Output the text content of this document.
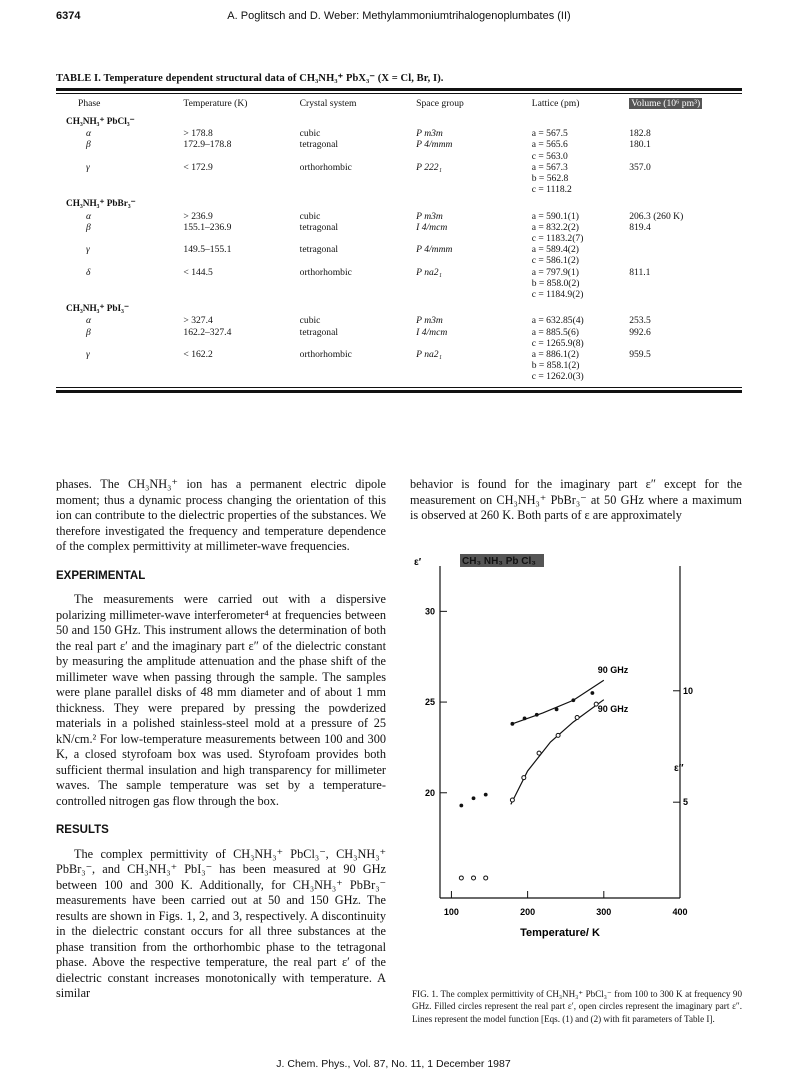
6374	A. Poglitsch and D. Weber: Methylammoniumtrihalogenoplumbates (II)
TABLE I. Temperature dependent structural data of CH₃NH₃⁺ PbX₃⁻ (X = Cl, Br, I).
Phase	Temperature (K)	Crystal system	Space group	Lattice (pm)	Volume (10⁶ pm³)
CH₃NH₃⁺ PbCl₃⁻					
α	> 178.8	cubic	P m3m	a = 567.5	182.8
β	172.9–178.8	tetragonal	P 4/mmm	a = 565.6	180.1
				c = 563.0	
γ	< 172.9	orthorhombic	P 222₁	a = 567.3	357.0
				b = 562.8	
				c = 1118.2	
CH₃NH₃⁺ PbBr₃⁻					
α	> 236.9	cubic	P m3m	a = 590.1(1)	206.3 (260 K)
β	155.1–236.9	tetragonal	I 4/mcm	a = 832.2(2)	819.4
				c = 1183.2(7)	
γ	149.5–155.1	tetragonal	P 4/mmm	a = 589.4(2)	
				c = 586.1(2)	
δ	< 144.5	orthorhombic	P na2₁	a = 797.9(1)	811.1
				b = 858.0(2)	
				c = 1184.9(2)	
CH₃NH₃⁺ PbI₃⁻					
α	> 327.4	cubic	P m3m	a = 632.85(4)	253.5
β	162.2–327.4	tetragonal	I 4/mcm	a = 885.5(6)	992.6
				c = 1265.9(8)	
γ	< 162.2	orthorhombic	P na2₁	a = 886.1(2)	959.5
				b = 858.1(2)	
				c = 1262.0(3)	

phases. The CH₃NH₃⁺ ion has a permanent electric dipole moment; thus a dynamic process changing the orientation of this ion can contribute to the dielectric properties of the substances. We therefore investigated the frequency and temperature dependence of the complex permittivity at millimeter-wave frequencies.

EXPERIMENTAL

The measurements were carried out with a dispersive polarizing millimeter-wave interferometer⁴ at frequencies between 50 and 150 GHz. This instrument allows the determination of both the real part ε′ and the imaginary part ε″ of the dielectric constant by measuring the amplitude attenuation and the phase shift of the millimeter wave when passing through the sample. The samples were plane parallel disks of 48 mm diameter and of about 1 mm thickness. They were prepared by pressing the powderized materials in a polished stainless-steel mold at a pressure of 25 kN/cm.² For low-temperature measurements between 100 and 300 K, a closed styrofoam box was used. Styrofoam provides both sufficient thermal insulation and high transparency for millimeter waves. The sample temperature was set by a temperature-controlled nitrogen gas flow through the box.

RESULTS

The complex permittivity of CH₃NH₃⁺ PbCl₃⁻, CH₃NH₃⁺ PbBr₃⁻, and CH₃NH₃⁺ PbI₃⁻ has been measured at 90 GHz between 100 and 300 K. Additionally, for CH₃NH₃⁺ PbBr₃⁻ measurements have been carried out at 50 and 150 GHz. The results are shown in Figs. 1, 2, and 3, respectively. A discontinuity in the dielectric constant occurs for all three substances at the phase transition from the orthorhombic phase to the tetragonal phase. Above the respective temperature, the real part ε′ of the dielectric constant increases monotonically with temperature. A similar

behavior is found for the imaginary part ε″ except for the measurement on CH₃NH₃⁺ PbBr₃⁻ at 50 GHz where a maximum is observed at 260 K. Both parts of ε are approximately

100	200	300	400
20
25
30
5
10
ε′
ε″
CH₃ NH₃ Pb Cl₃
Temperature/ K
90 GHz
90 GHz
FIG. 1. The complex permittivity of CH₃NH₃⁺ PbCl₃⁻ from 100 to 300 K at frequency 90 GHz. Filled circles represent the real part ε′, open circles represent the imaginary part ε″. Lines represent the model function [Eqs. (1) and (2) with fit parameters of Table I].
J. Chem. Phys., Vol. 87, No. 11, 1 December 1987
